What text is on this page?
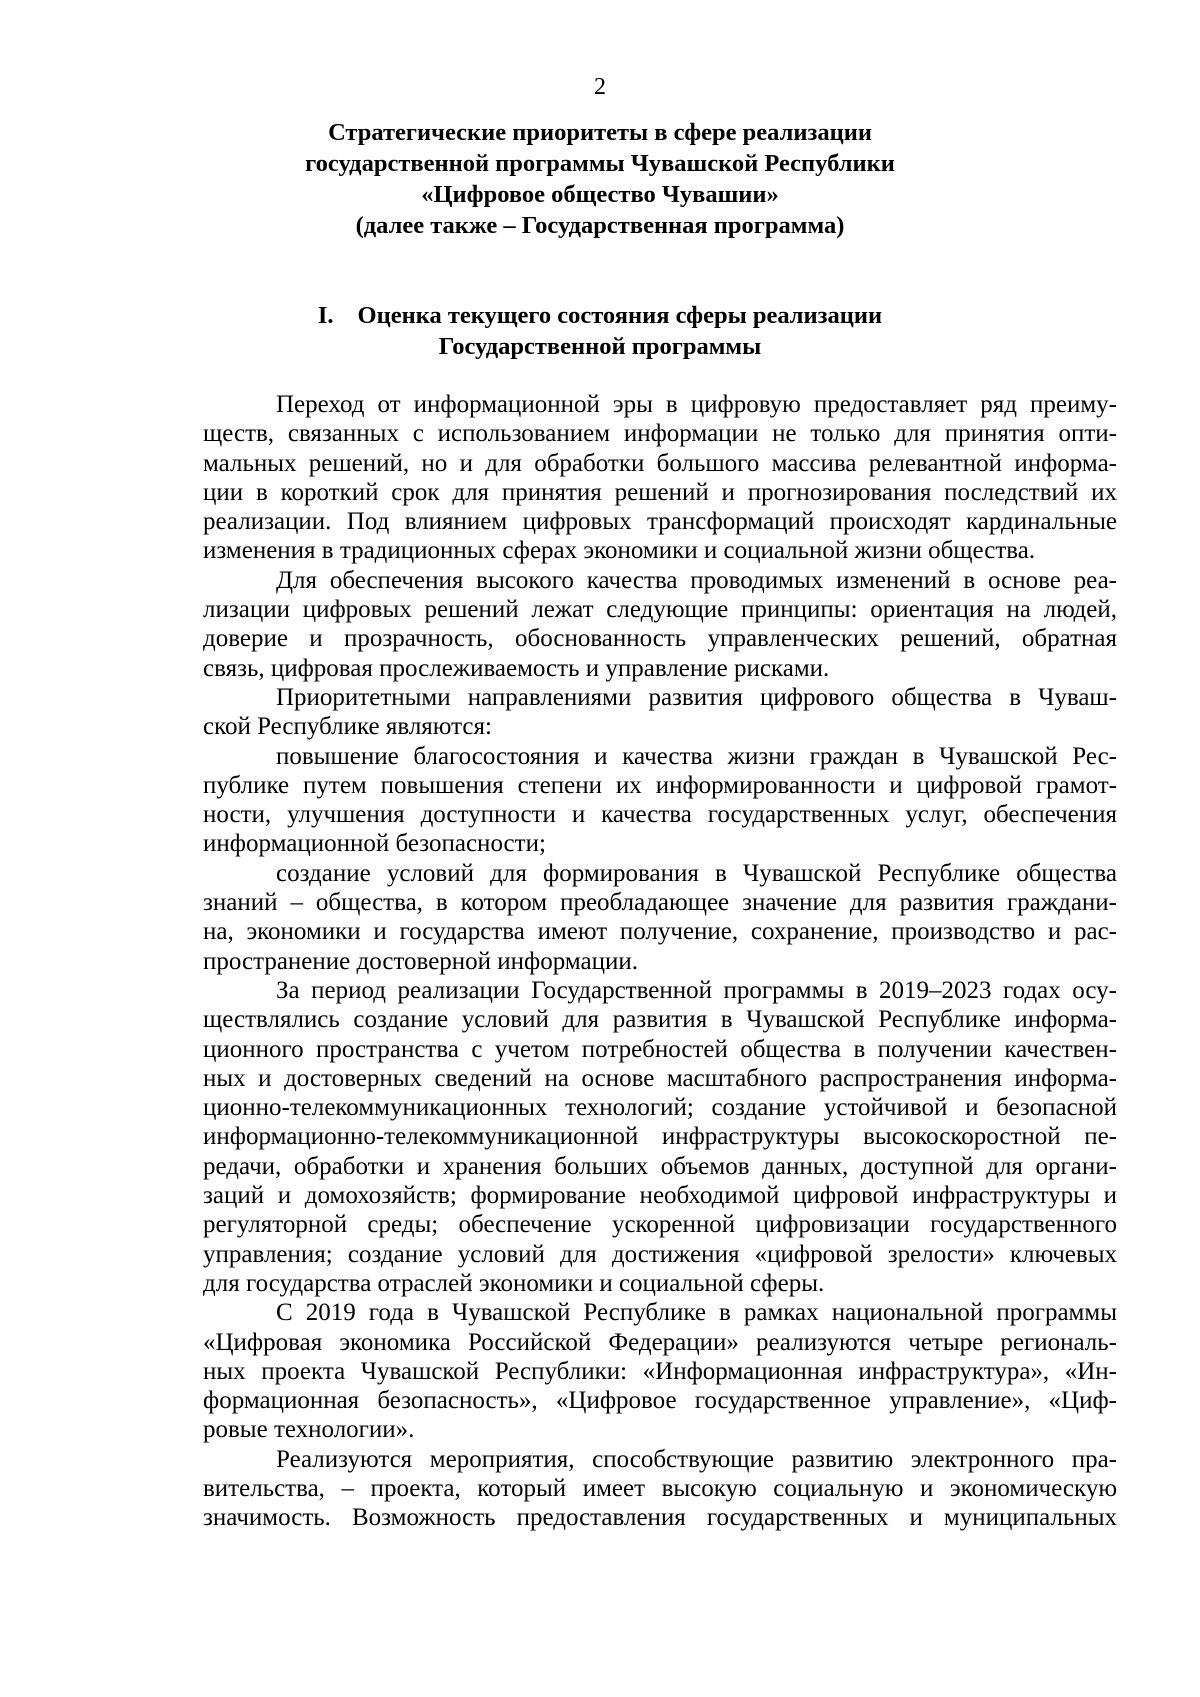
2
Стратегические приоритеты в сфере реализации
государственной программы Чувашской Республики
«Цифровое общество Чувашии»
(далее также – Государственная программа)
I. Оценка текущего состояния сферы реализации
Государственной программы
Переход от информационной эры в цифровую предоставляет ряд преиму-
ществ, связанных с использованием информации не только для принятия опти-
мальных решений, но и для обработки большого массива релевантной информа-
ции в короткий срок для принятия решений и прогнозирования последствий их
реализации. Под влиянием цифровых трансформаций происходят кардинальные
изменения в традиционных сферах экономики и социальной жизни общества.
Для обеспечения высокого качества проводимых изменений в основе реа-
лизации цифровых решений лежат следующие принципы: ориентация на людей,
доверие и прозрачность, обоснованность управленческих решений, обратная
связь, цифровая прослеживаемость и управление рисками.
Приоритетными направлениями развития цифрового общества в Чуваш-
ской Республике являются:
повышение благосостояния и качества жизни граждан в Чувашской Рес-
публике путем повышения степени их информированности и цифровой грамот-
ности, улучшения доступности и качества государственных услуг, обеспечения
информационной безопасности;
создание условий для формирования в Чувашской Республике общества
знаний – общества, в котором преобладающее значение для развития граждани-
на, экономики и государства имеют получение, сохранение, производство и рас-
пространение достоверной информации.
За период реализации Государственной программы в 2019–2023 годах осу-
ществлялись создание условий для развития в Чувашской Республике информа-
ционного пространства с учетом потребностей общества в получении качествен-
ных и достоверных сведений на основе масштабного распространения информа-
ционно-телекоммуникационных технологий; создание устойчивой и безопасной
информационно-телекоммуникационной инфраструктуры высокоскоростной пе-
редачи, обработки и хранения больших объемов данных, доступной для органи-
заций и домохозяйств; формирование необходимой цифровой инфраструктуры и
регуляторной среды; обеспечение ускоренной цифровизации государственного
управления; создание условий для достижения «цифровой зрелости» ключевых
для государства отраслей экономики и социальной сферы.
С 2019 года в Чувашской Республике в рамках национальной программы
«Цифровая экономика Российской Федерации» реализуются четыре региональ-
ных проекта Чувашской Республики: «Информационная инфраструктура», «Ин-
формационная безопасность», «Цифровое государственное управление», «Циф-
ровые технологии».
Реализуются мероприятия, способствующие развитию электронного пра-
вительства, – проекта, который имеет высокую социальную и экономическую
значимость. Возможность предоставления государственных и муниципальных
